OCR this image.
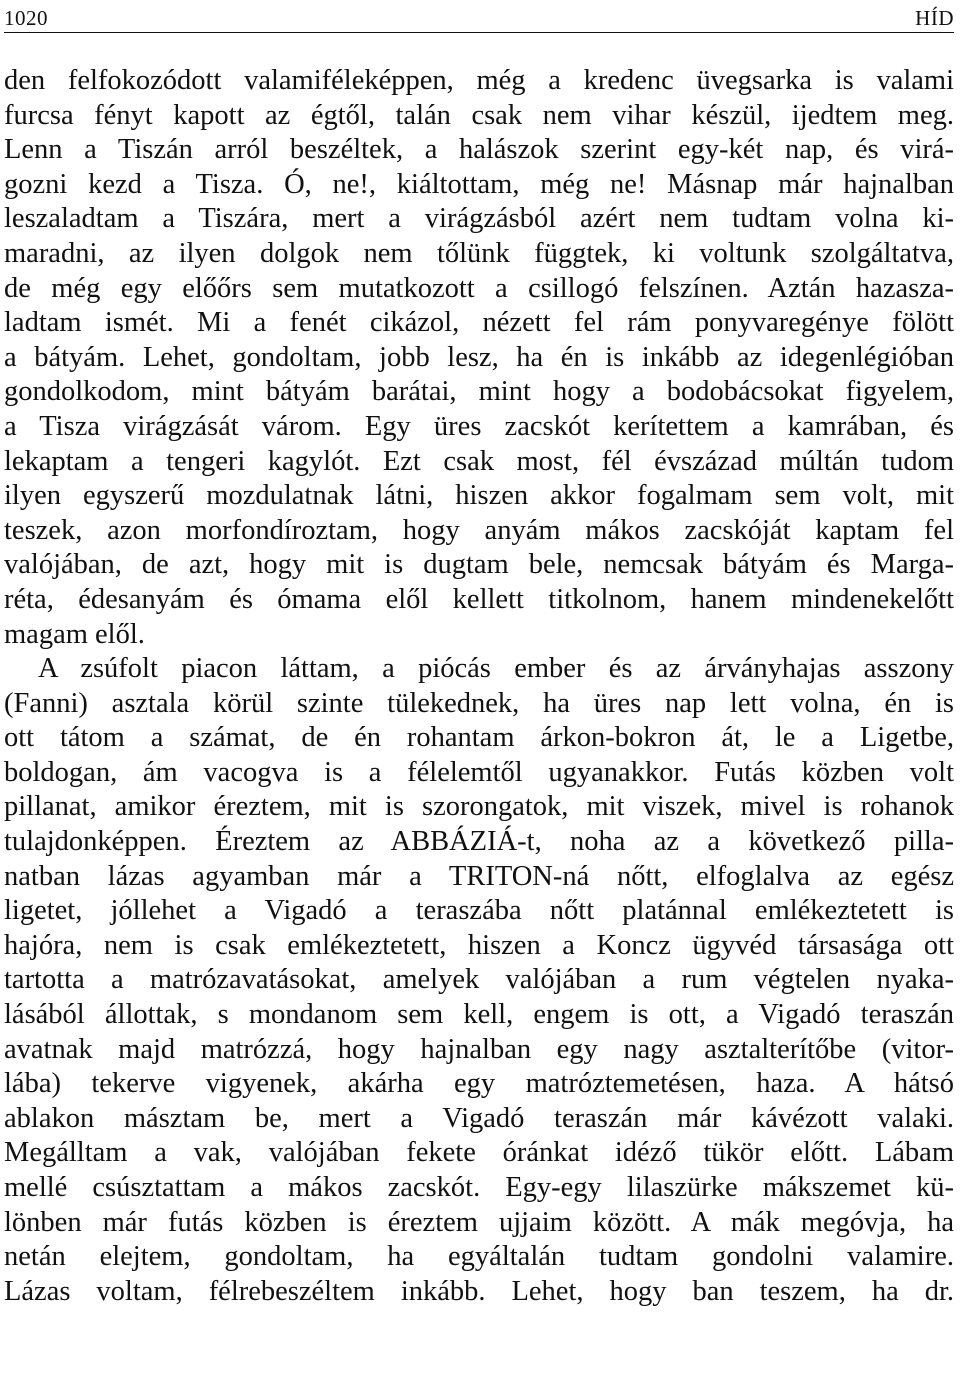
1020	HÍD
den felfokozódott valamiféleképpen, még a kredenc üvegsarka is valami
furcsa fényt kapott az égtől, talán csak nem vihar készül, ijedtem meg.
Lenn a Tiszán arról beszéltek, a halászok szerint egy-két nap, és virá-
gozni kezd a Tisza. Ó, ne!, kiáltottam, még ne! Másnap már hajnalban
leszaladtam a Tiszára, mert a virágzásból azért nem tudtam volna ki-
maradni, az ilyen dolgok nem tőlünk függtek, ki voltunk szolgáltatva,
de még egy előőrs sem mutatkozott a csillogó felszínen. Aztán hazasza-
ladtam ismét. Mi a fenét cikázol, nézett fel rám ponyvaregénye fölött
a bátyám. Lehet, gondoltam, jobb lesz, ha én is inkább az idegenlégióban
gondolkodom, mint bátyám barátai, mint hogy a bodobácsokat figyelem,
a Tisza virágzását várom. Egy üres zacskót kerítettem a kamrában, és
lekaptam a tengeri kagylót. Ezt csak most, fél évszázad múltán tudom
ilyen egyszerű mozdulatnak látni, hiszen akkor fogalmam sem volt, mit
teszek, azon morfondíroztam, hogy anyám mákos zacskóját kaptam fel
valójában, de azt, hogy mit is dugtam bele, nemcsak bátyám és Marga-
réta, édesanyám és ómama elől kellett titkolnom, hanem mindenekelőtt
magam elől.
A zsúfolt piacon láttam, a piócás ember és az árványhajas asszony
(Fanni) asztala körül szinte tülekednek, ha üres nap lett volna, én is
ott tátom a számat, de én rohantam árkon-bokron át, le a Ligetbe,
boldogan, ám vacogva is a félelemtől ugyanakkor. Futás közben volt
pillanat, amikor éreztem, mit is szorongatok, mit viszek, mivel is rohanok
tulajdonképpen. Éreztem az ABBÁZIÁ-t, noha az a következő pilla-
natban lázas agyamban már a TRITON-ná nőtt, elfoglalva az egész
ligetet, jóllehet a Vigadó a teraszába nőtt platánnal emlékeztetett is
hajóra, nem is csak emlékeztetett, hiszen a Koncz ügyvéd társasága ott
tartotta a matrózavatásokat, amelyek valójában a rum végtelen nyaka-
lásából állottak, s mondanom sem kell, engem is ott, a Vigadó teraszán
avatnak majd matrózzá, hogy hajnalban egy nagy asztalterítőbe (vitor-
lába) tekerve vigyenek, akárha egy matróztemetésen, haza. A hátsó
ablakon másztam be, mert a Vigadó teraszán már kávézott valaki.
Megálltam a vak, valójában fekete óránkat idéző tükör előtt. Lábam
mellé csúsztattam a mákos zacskót. Egy-egy lilaszürke mákszemet kü-
lönben már futás közben is éreztem ujjaim között. A mák megóvja, ha
netán elejtem, gondoltam, ha egyáltalán tudtam gondolni valamire.
Lázas voltam, félrebeszéltem inkább. Lehet, hogy ban teszem, ha dr.
